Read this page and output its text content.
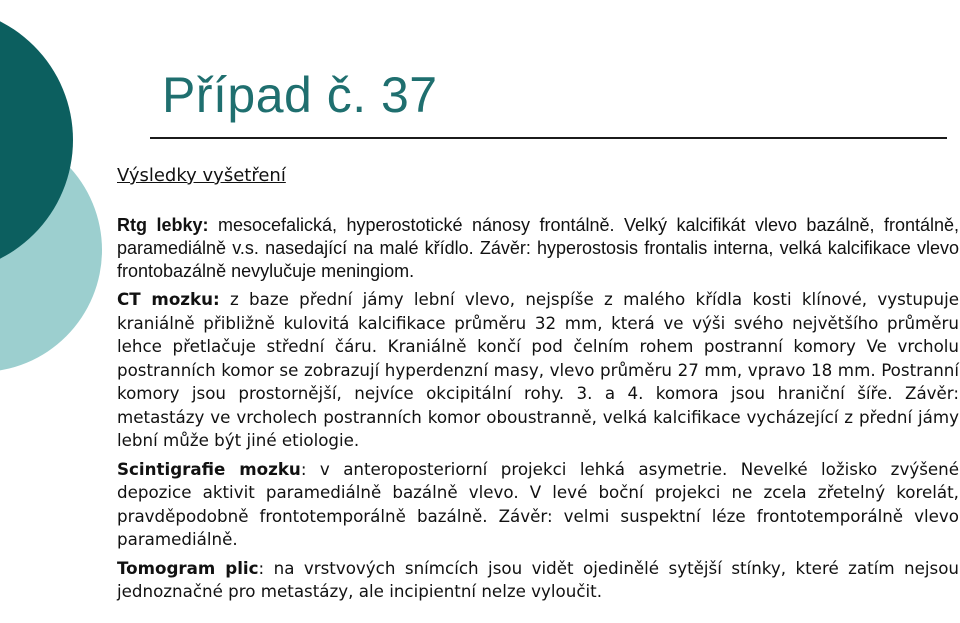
Případ č. 37
Výsledky vyšetření

Rtg lebky: mesocefalická, hyperostotické nánosy frontálně. Velký kalcifikát vlevo bazálně, frontálně, paramediálně v.s. nasedající na malé křídlo. Závěr: hyperostosis frontalis interna, velká kalcifikace vlevo frontobazálně nevylučuje meningiom.

CT mozku: z baze přední jámy lební vlevo, nejspíše z malého křídla kosti klínové, vystupuje kraniálně přibližně kulovitá kalcifikace průměru 32 mm, která ve výši svého největšího průměru lehce přetlačuje střední čáru. Kraniálně končí pod čelním rohem postranní komory Ve vrcholu postranních komor se zobrazují hyperdenzní masy, vlevo průměru 27 mm, vpravo 18 mm. Postranní komory jsou prostornější, nejvíce okcipitální rohy. 3. a 4. komora jsou hraniční šíře. Závěr: metastázy ve vrcholech postranních komor oboustranně, velká kalcifikace vycházející z přední jámy lební může být jiné etiologie.

Scintigrafie mozku: v anteroposteriorní projekci lehká asymetrie. Nevelké ložisko zvýšené depozice aktivit paramediálně bazálně vlevo. V levé boční projekci ne zcela zřetelný korelát, pravděpodobně frontotemporálně bazálně. Závěr: velmi suspektní léze frontotemporálně vlevo paramediálně.

Tomogram plic: na vrstvových snímcích jsou vidět ojedinělé sytější stínky, které zatím nejsou jednoznačné pro metastázy, ale incipientní nelze vyloučit.
